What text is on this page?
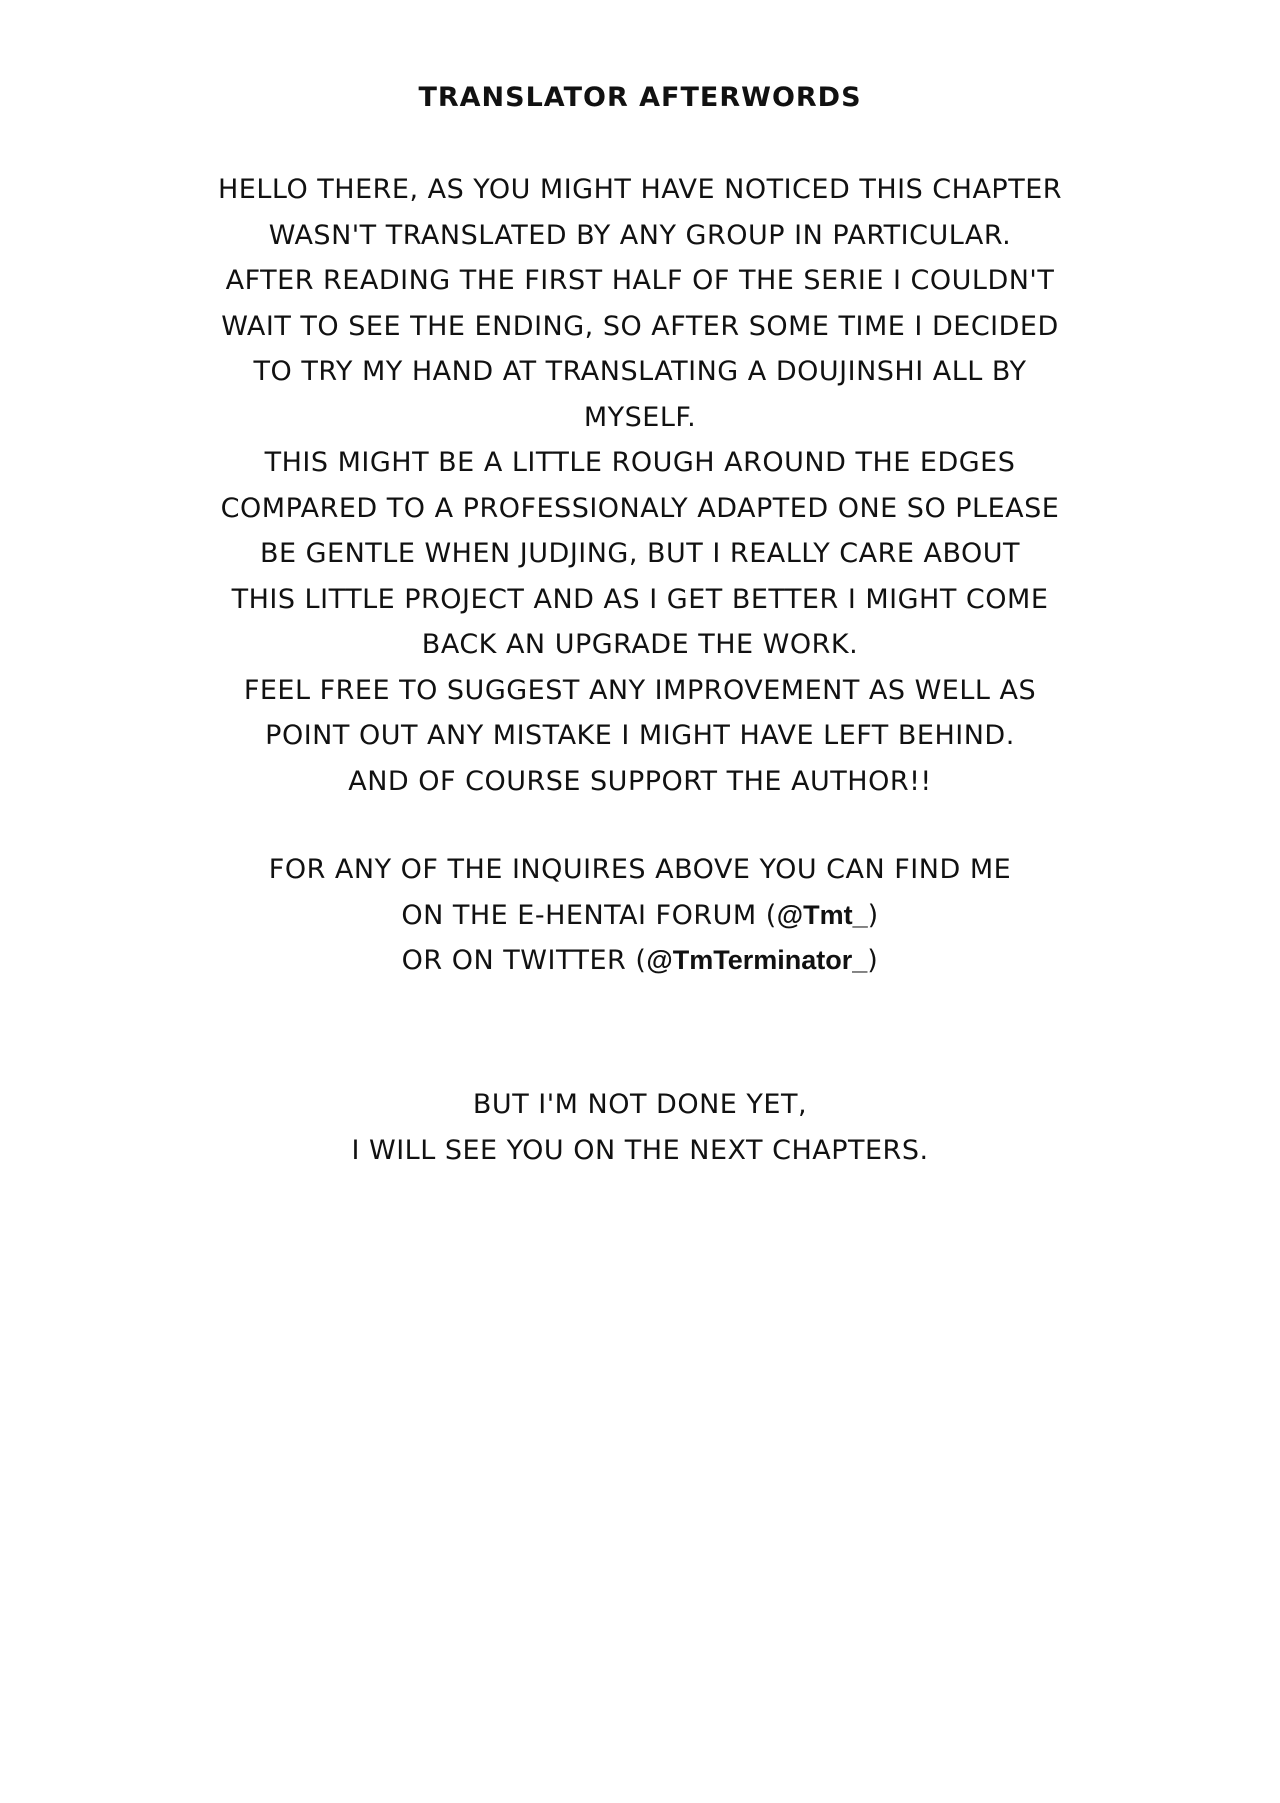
TRANSLATOR AFTERWORDS
HELLO THERE, AS YOU MIGHT HAVE NOTICED THIS CHAPTER
WASN'T TRANSLATED BY ANY GROUP IN PARTICULAR.
AFTER READING THE FIRST HALF OF THE SERIE I COULDN'T
WAIT TO SEE THE ENDING, SO AFTER SOME TIME I DECIDED
TO TRY MY HAND AT TRANSLATING A DOUJINSHI ALL BY
MYSELF.
THIS MIGHT BE A LITTLE ROUGH AROUND THE EDGES
COMPARED TO A PROFESSIONALY ADAPTED ONE SO PLEASE
BE GENTLE WHEN JUDJING, BUT I REALLY CARE ABOUT
THIS LITTLE PROJECT AND AS I GET BETTER I MIGHT COME
BACK AN UPGRADE THE WORK.
FEEL FREE TO SUGGEST ANY IMPROVEMENT AS WELL AS
POINT OUT ANY MISTAKE I MIGHT HAVE LEFT BEHIND.
AND OF COURSE SUPPORT THE AUTHOR!!
FOR ANY OF THE INQUIRES ABOVE YOU CAN FIND ME
ON THE E-HENTAI FORUM (@Tmt_)
OR ON TWITTER (@TmTerminator_)
BUT I'M NOT DONE YET,
I WILL SEE YOU ON THE NEXT CHAPTERS.
